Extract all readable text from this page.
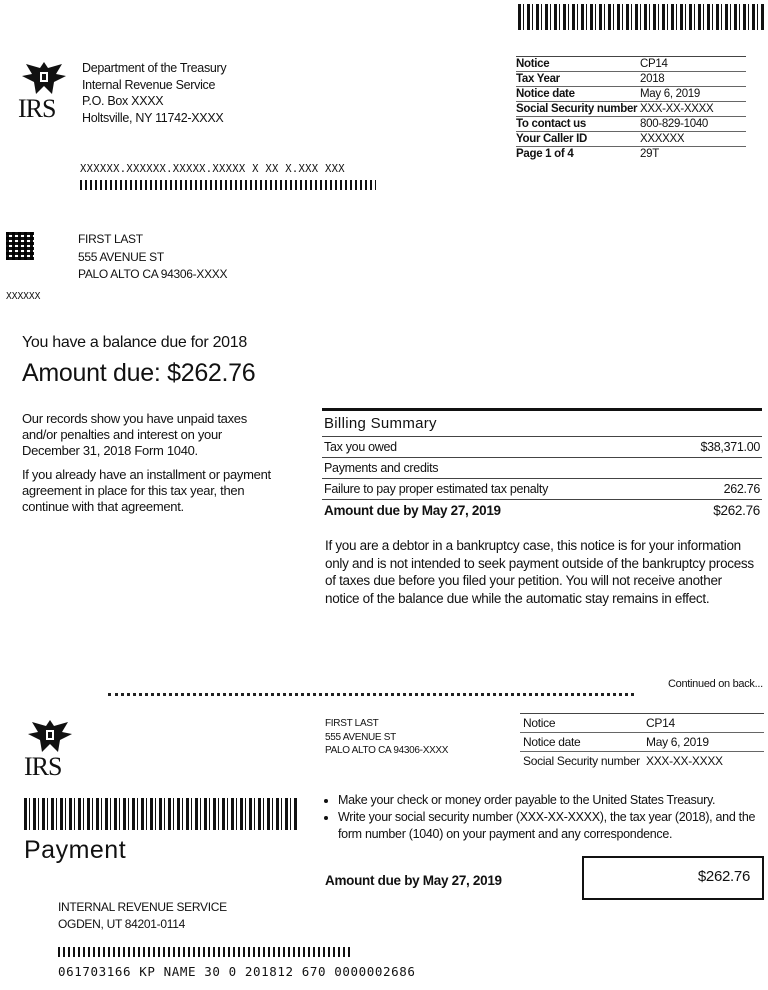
IRS
Department of the Treasury
Internal Revenue Service
P.O. Box XXXX
Holtsville, NY 11742-XXXX
Notice	CP14
Tax Year	2018
Notice date	May 6, 2019
Social Security number	XXX-XX-XXXX
To contact us	800-829-1040
Your Caller ID	XXXXXX
Page 1 of 4	29T
XXXXXX.XXXXXX.XXXXX.XXXXX X XX X.XXX XXX
FIRST LAST
555 AVENUE ST
PALO ALTO CA 94306-XXXX
XXXXXX
You have a balance due for 2018
Amount due: $262.76
Our records show you have unpaid taxes and/or penalties and interest on your December 31, 2018 Form 1040.
If you already have an installment or payment agreement in place for this tax year, then continue with that agreement.
Billing Summary
Tax you owed	$38,371.00
Payments and credits
Failure to pay proper estimated tax penalty	262.76
Amount due by May 27, 2019	$262.76
If you are a debtor in a bankruptcy case, this notice is for your information only and is not intended to seek payment outside of the bankruptcy process of taxes due before you filed your petition. You will not receive another notice of the balance due while the automatic stay remains in effect.
Continued on back...
IRS
FIRST LAST
555 AVENUE ST
PALO ALTO CA 94306-XXXX
Notice	CP14
Notice date	May 6, 2019
Social Security number	XXX-XX-XXXX
Payment
• Make your check or money order payable to the United States Treasury.
• Write your social security number (XXX-XX-XXXX), the tax year (2018), and the form number (1040) on your payment and any correspondence.
Amount due by May 27, 2019	$262.76
INTERNAL REVENUE SERVICE
OGDEN, UT 84201-0114
061703166 KP NAME 30 0 201812 670 0000002686
